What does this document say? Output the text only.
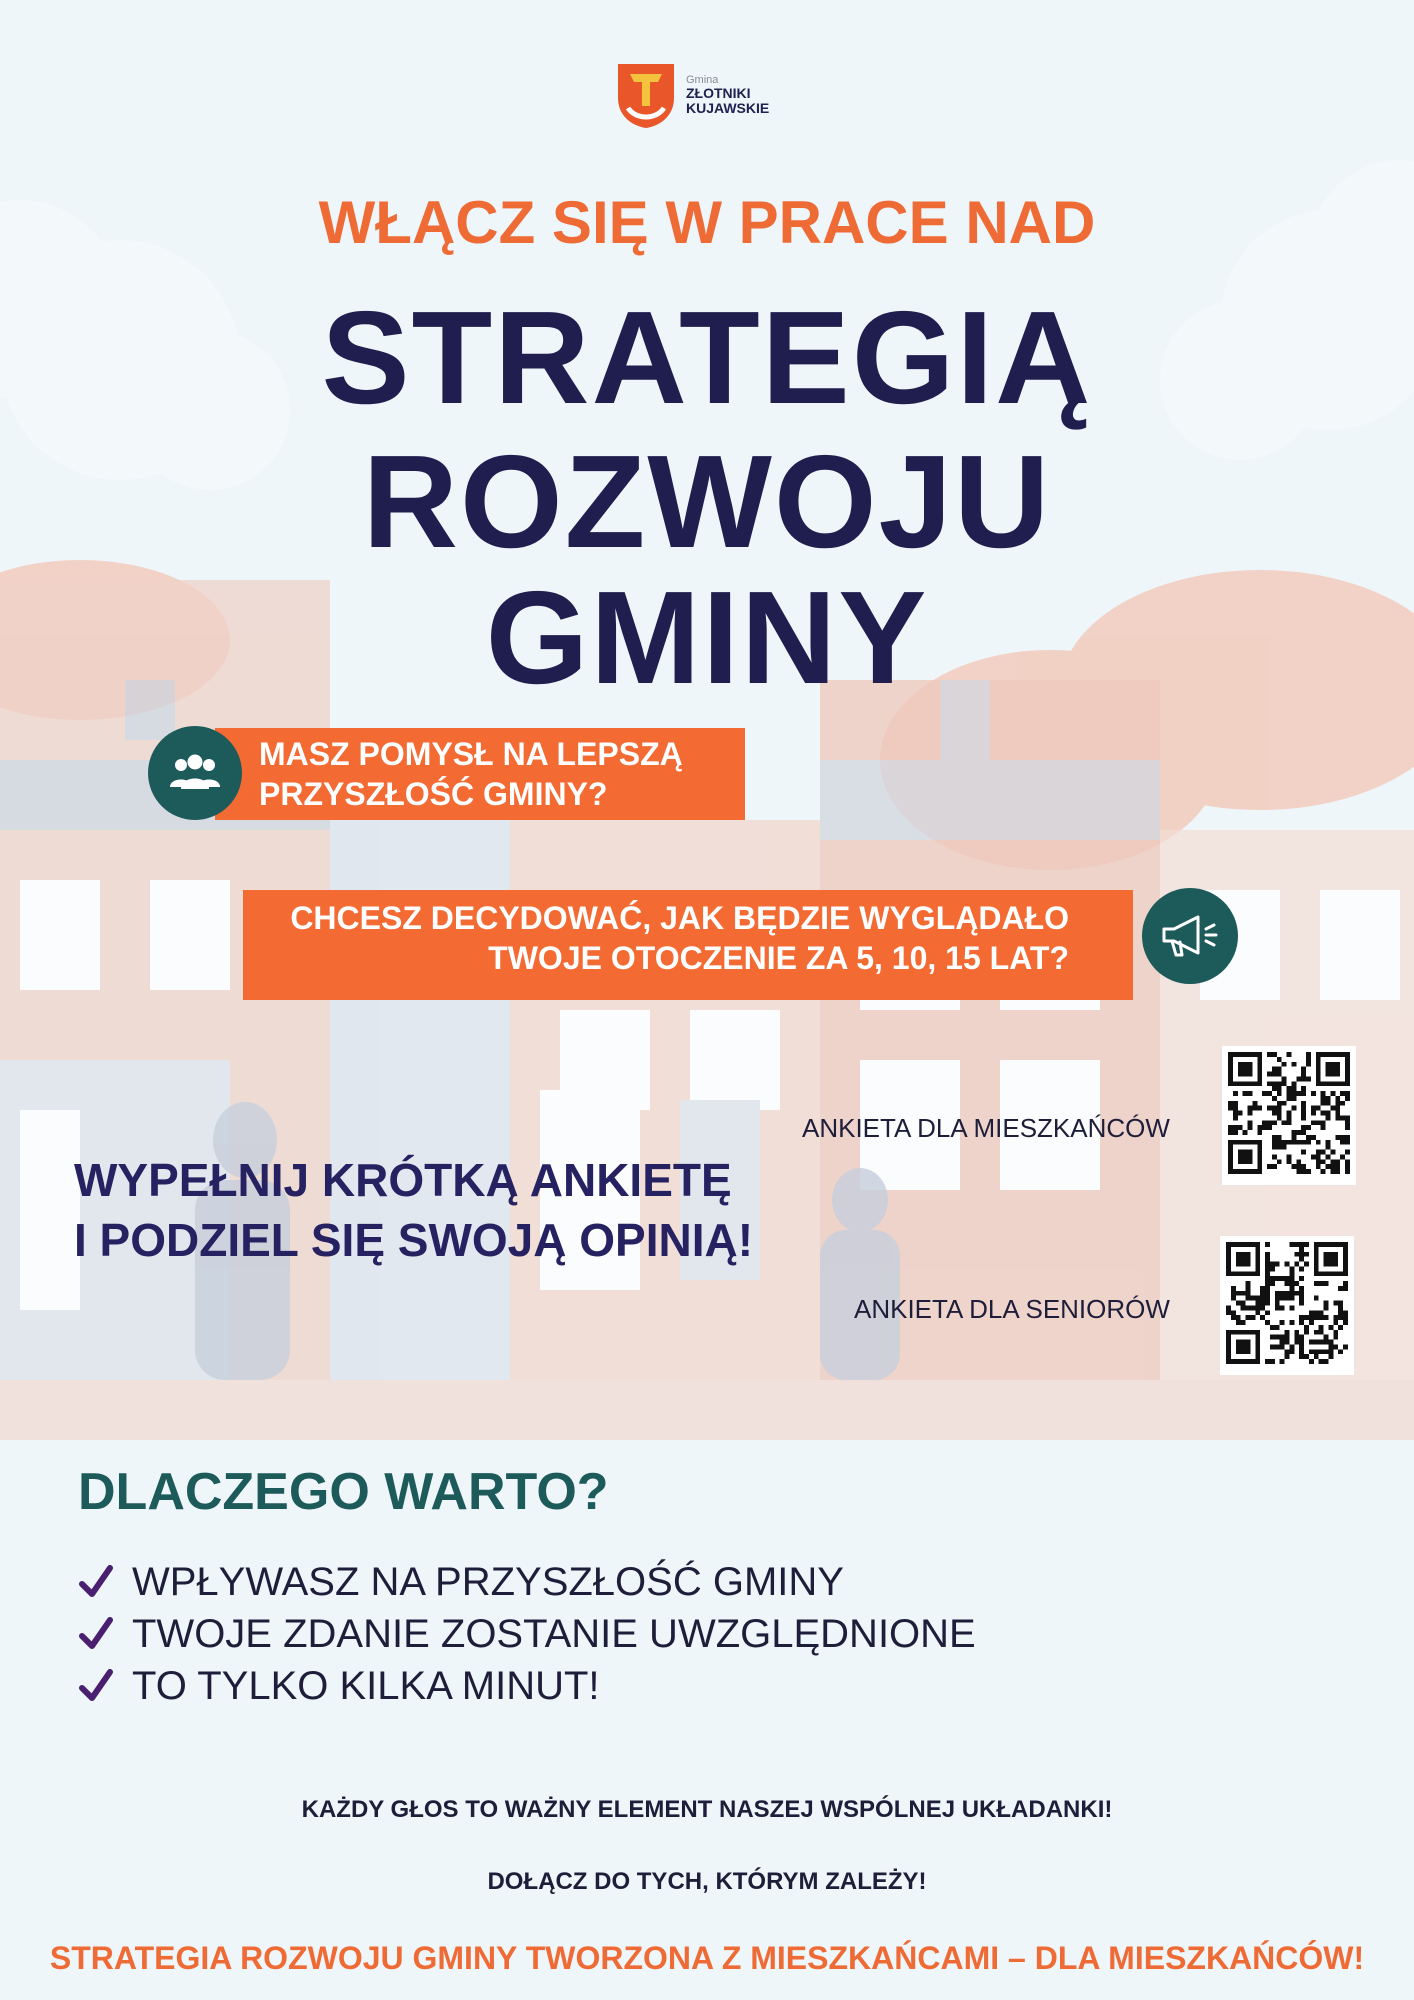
Gmina
ZŁOTNIKI
KUJAWSKIE
WŁĄCZ SIĘ W PRACE NAD
STRATEGIĄ
ROZWOJU
GMINY
MASZ POMYSŁ NA LEPSZĄ
PRZYSZŁOŚĆ GMINY?
CHCESZ DECYDOWAĆ, JAK BĘDZIE WYGLĄDAŁO
TWOJE OTOCZENIE ZA 5, 10, 15 LAT?
WYPEŁNIJ KRÓTKĄ ANKIETĘ
I PODZIEL SIĘ SWOJĄ OPINIĄ!
ANKIETA DLA MIESZKAŃCÓW
ANKIETA DLA SENIORÓW
DLACZEGO WARTO?
WPŁYWASZ NA PRZYSZŁOŚĆ GMINY
TWOJE ZDANIE ZOSTANIE UWZGLĘDNIONE
TO TYLKO KILKA MINUT!
KAŻDY GŁOS TO WAŻNY ELEMENT NASZEJ WSPÓLNEJ UKŁADANKI!
DOŁĄCZ DO TYCH, KTÓRYM ZALEŻY!
STRATEGIA ROZWOJU GMINY TWORZONA Z MIESZKAŃCAMI – DLA MIESZKAŃCÓW!
